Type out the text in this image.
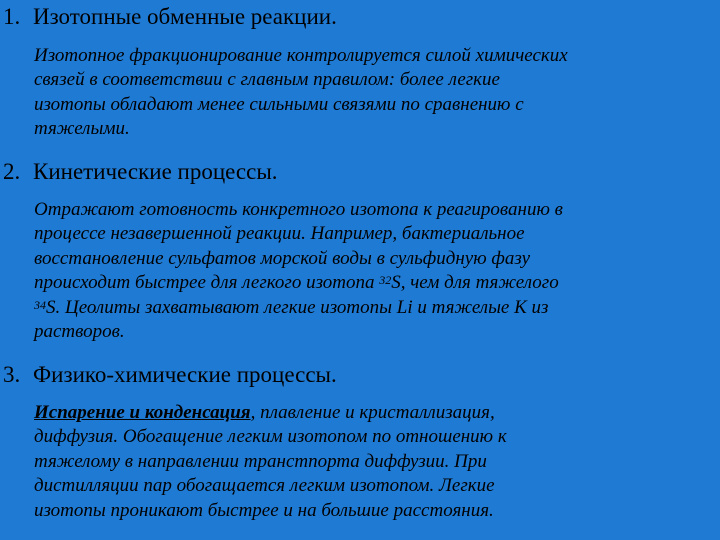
1. Изотопные обменные реакции.
Изотопное фракционирование контролируется силой химических
связей в соответствии с главным правилом: более легкие
изотопы обладают менее сильными связями по сравнению с
тяжелыми.
2. Кинетические процессы.
Отражают готовность конкретного изотопа к реагированию в
процессе незавершенной реакции. Например, бактериальное
восстановление сульфатов морской воды в сульфидную фазу
происходит быстрее для легкого изотопа $^{32}$S, чем для тяжелого
$^{34}$S. Цеолиты захватывают легкие изотопы Li и тяжелые K из
растворов.
3. Физико-химические процессы.
Испарение и конденсация, плавление и кристаллизация,
диффузия. Обогащение легким изотопом по отношению к
тяжелому в направлении транстпорта диффузии. При
дистилляции пар обогащается легким изотопом. Легкие
изотопы проникают быстрее и на большие расстояния.
